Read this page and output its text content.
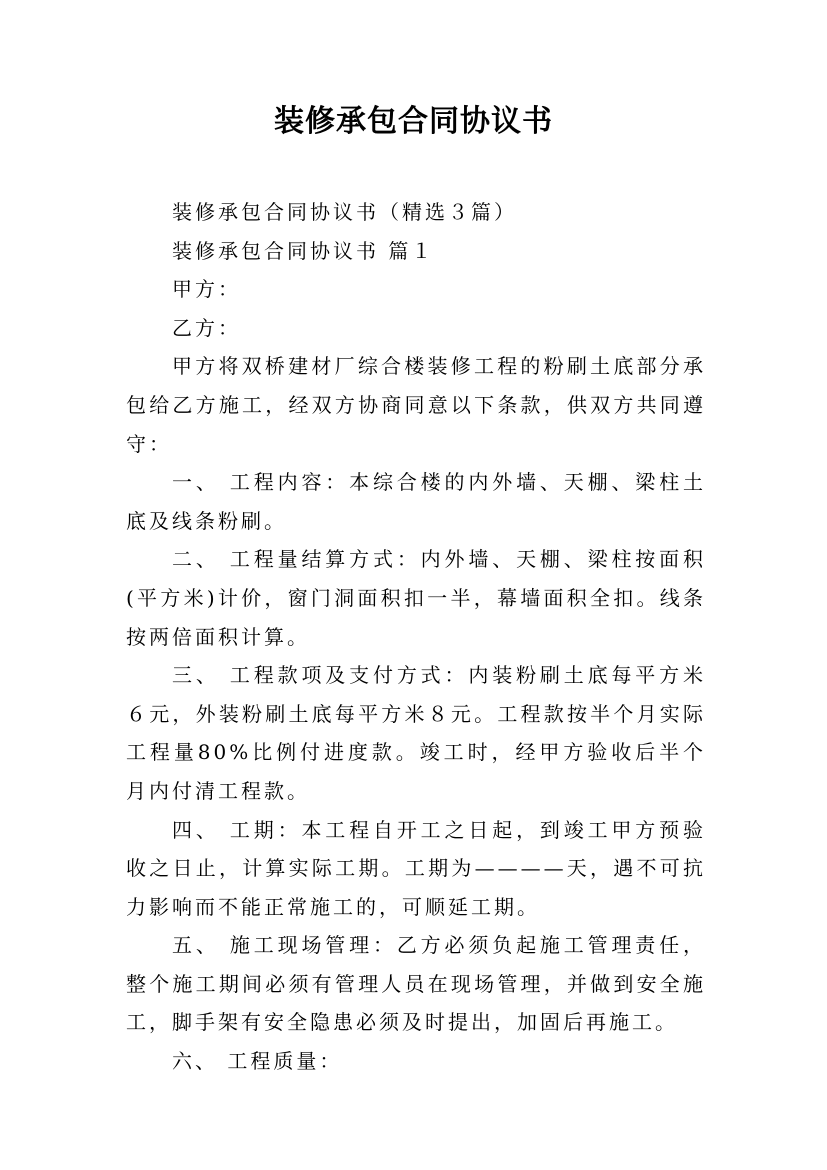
装修承包合同协议书

装修承包合同协议书（精选３篇）

装修承包合同协议书 篇１

甲方：

乙方：

甲方将双桥建材厂综合楼装修工程的粉刷土底部分承包给乙方施工，经双方协商同意以下条款，供双方共同遵守：

一、 工程内容：本综合楼的内外墙、天棚、梁柱土底及线条粉刷。

二、 工程量结算方式：内外墙、天棚、梁柱按面积(平方米)计价，窗门洞面积扣一半，幕墙面积全扣。线条按两倍面积计算。

三、 工程款项及支付方式：内装粉刷土底每平方米６元，外装粉刷土底每平方米８元。工程款按半个月实际工程量80%比例付进度款。竣工时，经甲方验收后半个月内付清工程款。

四、 工期：本工程自开工之日起，到竣工甲方预验收之日止，计算实际工期。工期为————天，遇不可抗力影响而不能正常施工的，可顺延工期。

五、 施工现场管理：乙方必须负起施工管理责任，整个施工期间必须有管理人员在现场管理，并做到安全施工，脚手架有安全隐患必须及时提出，加固后再施工。

六、 工程质量：
